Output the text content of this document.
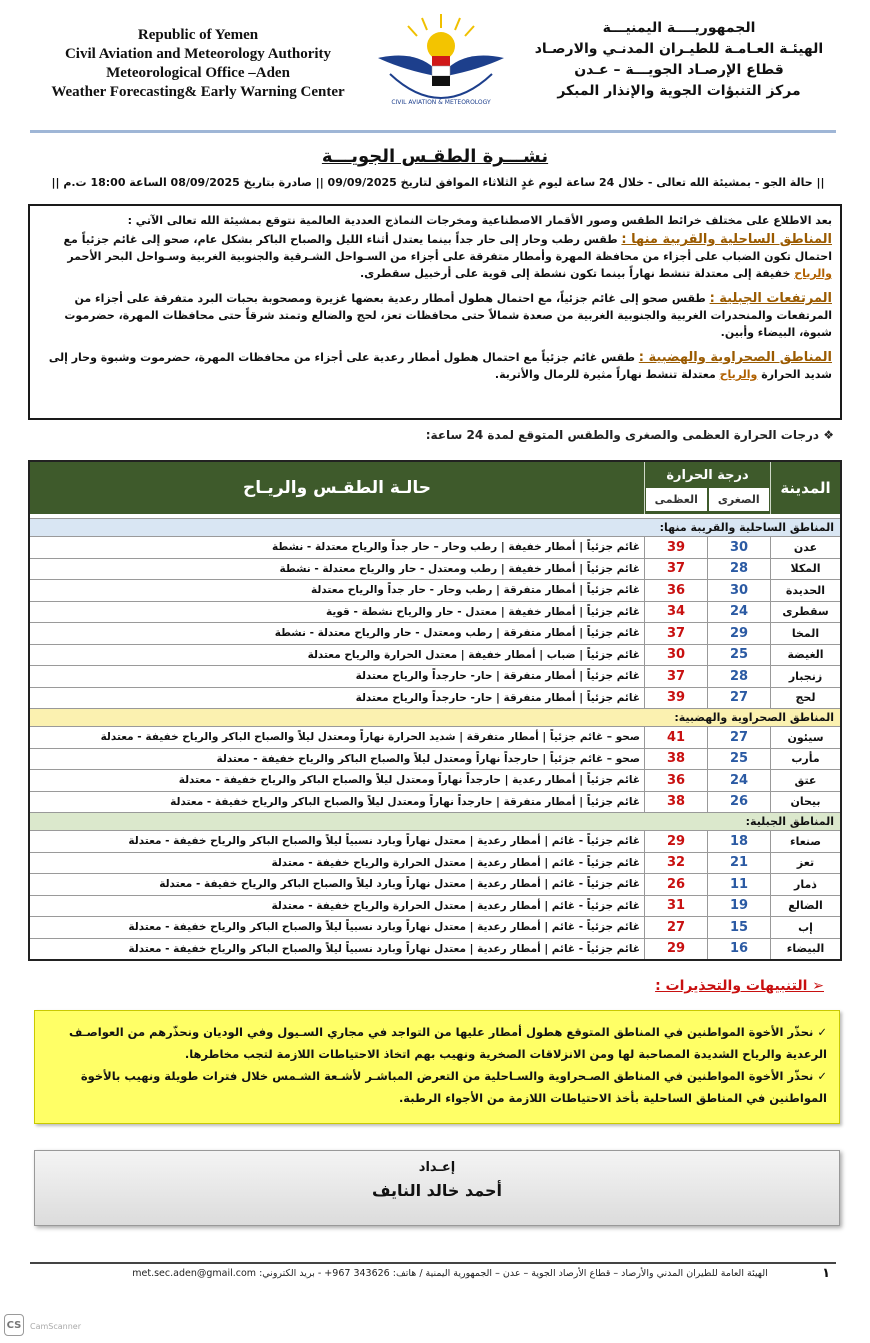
Republic of Yemen
Civil Aviation and Meteorology Authority
Meteorological Office –Aden
Weather Forecasting& Early Warning Center
CIVIL AVIATION & METEOROLOGY
الجمهوريــــة اليمنيـــة
الهيئـة العـامـة للطيـران المدنـي والارصـاد
قطاع الإرصـاد الجويـــة – عـدن
مركز التنبؤات الجوية والإنذار المبكر
نشـــرة الطقـس الجويـــة
|| حالة الجو - بمشيئة الله تعالى - خلال 24 ساعة ليوم غدٍ الثلاثاء الموافق لتاريخ 09/09/2025 || صادرة بتاريخ 08/09/2025 الساعة 18:00 ت.م ||

بعد الاطلاع على مختلف خرائط الطقس وصور الأقمار الاصطناعية ومخرجات النماذج العددية العالمية نتوقع بمشيئة الله تعالى الآتي :

المناطق الساحلية والقريبة منها : طقس رطب وحار إلى حار جداً بينما يعتدل أثناء الليل والصباح الباكر بشكل عام، صحو إلى غائم جزئياً مع احتمال تكون الضباب على أجزاء من محافظة المهرة وأمطار متفرقة على أجزاء من السـواحل الشـرقية والجنوبية الغربية وسـواحل البحر الأحمر والرياح خفيفة إلى معتدلة تنشط نهاراً بينما تكون نشطة إلى قوية على أرخبيل سقطرى.

المرتفعات الجبلية : طقس صحو إلى غائم جزئياً، مع احتمال هطول أمطار رعدية بعضها غزيرة ومصحوبة بحبات البرد متفرقة على أجزاء من المرتفعات والمنحدرات الغربية والجنوبية الغربية من صعدة شمالاً حتى محافظات تعز، لحج والضالع وتمتد شرقاً حتى محافظات المهرة، حضرموت شبوة، البيضاء وأبين.

المناطق الصحراوية والهضبية : طقس غائم جزئياً مع احتمال هطول أمطار رعدية على أجزاء من محافظات المهرة، حضرموت وشبوة وحار إلى شديد الحرارة والرياح معتدلة تنشط نهاراً مثيرة للرمال والأتربة.

❖ درجات الحرارة العظمى والصغرى والطقس المتوقع لمدة 24 ساعة:
المدينة
درجة الحرارة
الصغرى
العظمى
حالـة الطقـس والريـاح
المناطق الساحلية والقريبة منها:
عدن
30
39
غائم جزئياً | أمطار خفيفة | رطب وحار – حار جداً والرياح معتدلة - نشطة
المكلا
28
37
غائم جزئياً | أمطار خفيفة | رطب ومعتدل - حار والرياح معتدلة - نشطة
الحديدة
30
36
غائم جزئياً | أمطار متفرقة | رطب وحار - حار جداً والرياح معتدلة
سقطرى
24
34
غائم جزئياً | أمطار خفيفة | معتدل - حار والرياح نشطة - قوية
المخا
29
37
غائم جزئياً | أمطار متفرقة | رطب ومعتدل - حار والرياح معتدلة - نشطة
الغيضة
25
30
غائم جزئياً | ضباب | أمطار خفيفة | معتدل الحرارة والرياح معتدلة
زنجبار
28
37
غائم جزئياً | أمطار متفرقة | حار- حارجداً والرياح معتدلة
لحج
27
39
غائم جزئياً | أمطار متفرقة | حار- حارجداً والرياح معتدلة
المناطق الصحراوية والهضبية:
سيئون
27
41
صحو – غائم جزئياً | أمطار متفرقة | شديد الحرارة نهاراً ومعتدل ليلاً والصباح الباكر والرياح خفيفة - معتدلة
مأرب
25
38
صحو – غائم جزئياً | حارجداً نهاراً ومعتدل ليلاً والصباح الباكر والرياح خفيفة - معتدلة
عتق
24
36
غائم جزئياً | أمطار رعدية | حارجداً نهاراً ومعتدل ليلاً والصباح الباكر والرياح خفيفة - معتدلة
بيحان
26
38
غائم جزئياً | أمطار متفرقة | حارجداً نهاراً ومعتدل ليلاً والصباح الباكر والرياح خفيفة - معتدلة
المناطق الجبلية:
صنعاء
18
29
غائم جزئياً - غائم | أمطار رعدية | معتدل نهاراً وبارد نسبياً ليلاً والصباح الباكر والرياح خفيفة - معتدلة
تعز
21
32
غائم جزئياً - غائم | أمطار رعدية | معتدل الحرارة والرياح خفيفة - معتدلة
ذمار
11
26
غائم جزئياً - غائم | أمطار رعدية | معتدل نهاراً وبارد ليلاً والصباح الباكر والرياح خفيفة - معتدلة
الضالع
19
31
غائم جزئياً - غائم | أمطار رعدية | معتدل الحرارة والرياح خفيفة - معتدلة
إب
15
27
غائم جزئياً - غائم | أمطار رعدية | معتدل نهاراً وبارد نسبياً ليلاً والصباح الباكر والرياح خفيفة - معتدلة
البيضاء
16
29
غائم جزئياً - غائم | أمطار رعدية | معتدل نهاراً وبارد نسبياً ليلاً والصباح الباكر والرياح خفيفة - معتدلة
➢ التنبيهات والتحذيرات :

✓ نحذّر الأخوة المواطنين في المناطق المتوقع هطول أمطار عليها من التواجد في مجاري السـيول وفي الوديان ونحذّرهم من العواصـف الرعدية والرياح الشديدة المصاحبة لها ومن الانزلاقات الصخرية ونهيب بهم اتخاذ الاحتياطات اللازمة لتجب مخاطرها.

✓ نحذّر الأخوة المواطنين في المناطق الصـحراوية والسـاحلية من التعرض المباشـر لأشـعة الشـمس خلال فترات طويلة ونهيب بالأخوة المواطنين في المناطق الساحلية بأخذ الاحتياطات اللازمة من الأجواء الرطبة.

إعـداد
أحمد خالد النايف
١
الهيئة العامة للطيران المدني والأرصاد – قطاع الأرصاد الجوية – عدن – الجمهورية اليمنية / هاتف: 343626 967+ - بريد الكتروني: met.sec.aden@gmail.com
CS	CamScanner
